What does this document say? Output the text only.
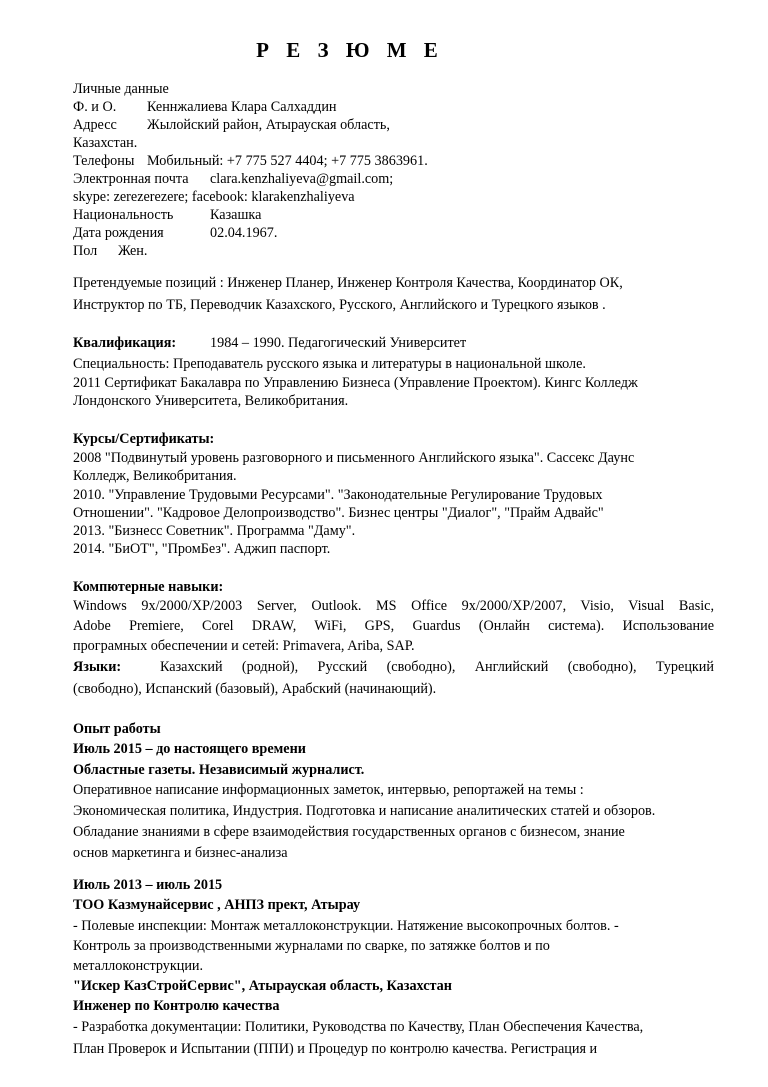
Р Е З Ю М Е
Личные данные
Ф. и О. Кеннжалиева Клара Салхаддин
Адресс Жылойский район, Атырауская область,
Казахстан.
Телефоны Мобильный: +7 775 527 4404; +7 775 3863961.
Электронная почта clara.kenzhaliyeva@gmail.com;
skype: zerezerezere; facebook: klarakenzhaliyeva
Национальность	Казашка
Дата рождения	02.04.1967.
Пол Жен.
Претендуемые позиций : Инженер Планер, Инженер Контроля Качества, Координатор ОК,
Инструктор по ТБ, Переводчик Казахского, Русского, Английского и Турецкого языков .
Квалификация: 1984 – 1990. Педагогический Университет
Специальность: Преподаватель русского языка и литературы в национальной школе.
2011 Сертификат Бакалавра по Управлению Бизнеса (Управление Проектом). Кингс Колледж
Лондонского Университета, Великобритания.
Курсы/Сертификаты:
2008 "Подвинутый уровень разговорного и письменного Английского языка". Сассекс Даунс
Колледж, Великобритания.
2010. "Управление Трудовыми Ресурсами". "Законодательные Регулирование Трудовых
Отношении". "Кадровое Делопроизводство". Бизнес центры "Диалог", "Прайм Адвайс"
2013. "Бизнесс Советник". Программа "Даму".
2014. "БиОТ", "ПромБез". Аджип паспорт.
Компютерные навыки:
Windows 9x/2000/XP/2003 Server, Outlook. MS Office 9x/2000/XP/2007, Visio, Visual Basic,
Adobe Premiere, Corel DRAW, WiFi, GPS, Guardus (Онлайн система). Использование
програмных обеспечении и сетей: Primavera, Ariba, SAP.
Языки:	Казахский (родной), Русский (свободно), Английский (свободно), Турецкий
(свободно), Испанский (базовый), Арабский (начинающий).
Опыт работы
Июль 2015 – до настоящего времени
Областные газеты. Независимый журналист.
Оперативное написание информационных заметок, интервью, репортажей на темы :
Экономическая политика, Индустрия. Подготовка и написание аналитических статей и обзоров.
Обладание знаниями в сфере взаимодействия государственных органов с бизнесом, знание
основ маркетинга и бизнес-анализа
Июль 2013 – июль 2015
ТОО Казмунайсервис , АНПЗ прект, Атырау
- Полевые инспекции: Монтаж металлоконструкции. Натяжение высокопрочных болтов. -
Контроль за производственными журналами по сварке, по затяжке болтов и по
металлоконструкции.
"Искер КазСтройСервис", Атырауская область, Казахстан
Инженер по Контролю качества
- Разработка документации: Политики, Руководства по Качеству, План Обеспечения Качества,
План Проверок и Испытании (ППИ) и Процедур по контролю качества. Регистрация и
